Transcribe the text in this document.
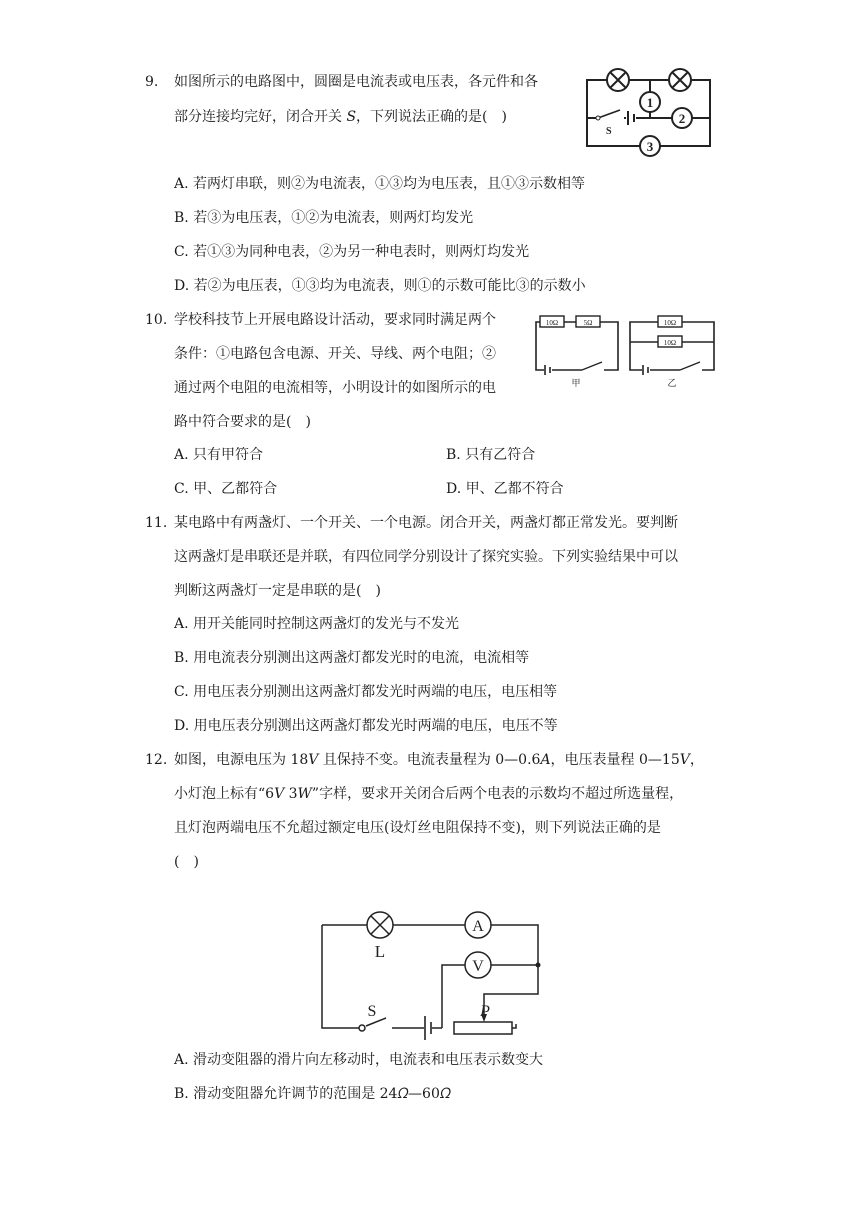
9. 如图所示的电路图中，圆圈是电流表或电压表，各元件和各
部分连接均完好，闭合开关 𝑆，下列说法正确的是(　)
S
1
2
3
A. 若两灯串联，则②为电流表，①③均为电压表，且①③示数相等
B. 若③为电压表，①②为电流表，则两灯均发光
C. 若①③为同种电表，②为另一种电表时，则两灯均发光
D. 若②为电压表，①③均为电流表，则①的示数可能比③的示数小
10. 学校科技节上开展电路设计活动，要求同时满足两个
条件：①电路包含电源、开关、导线、两个电阻；②
通过两个电阻的电流相等，小明设计的如图所示的电
路中符合要求的是(　)
10Ω	5Ω
甲
10Ω
10Ω
乙
A. 只有甲符合	B. 只有乙符合
C. 甲、乙都符合	D. 甲、乙都不符合
11. 某电路中有两盏灯、一个开关、一个电源。闭合开关，两盏灯都正常发光。要判断
这两盏灯是串联还是并联，有四位同学分别设计了探究实验。下列实验结果中可以
判断这两盏灯一定是串联的是(　)
A. 用开关能同时控制这两盏灯的发光与不发光
B. 用电流表分别测出这两盏灯都发光时的电流，电流相等
C. 用电压表分别测出这两盏灯都发光时两端的电压，电压相等
D. 用电压表分别测出这两盏灯都发光时两端的电压，电压不等
12. 如图，电源电压为 18𝑉 且保持不变。电流表量程为 0—0.6𝐴，电压表量程 0—15𝑉，
小灯泡上标有“6𝑉 3𝑊”字样，要求开关闭合后两个电表的示数均不超过所选量程，
且灯泡两端电压不允超过额定电压(设灯丝电阻保持不变)，则下列说法正确的是
(　)
L
A
V
S	P
A. 滑动变阻器的滑片向左移动时，电流表和电压表示数变大
B. 滑动变阻器允许调节的范围是 24𝛺—60𝛺
